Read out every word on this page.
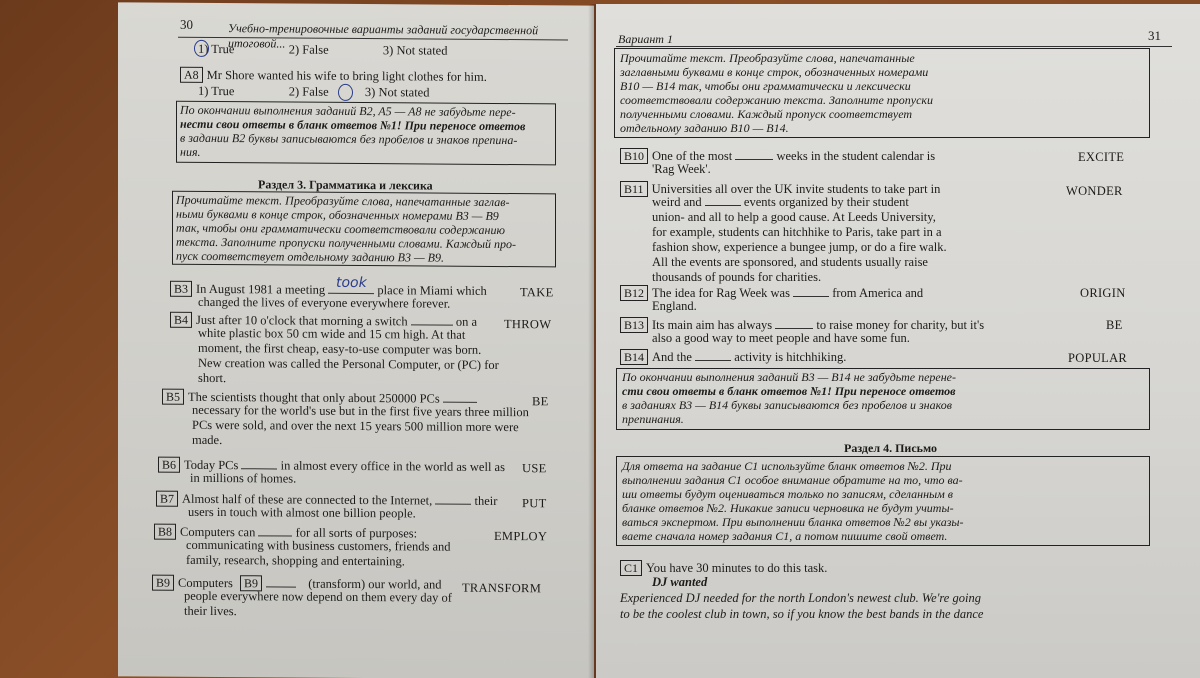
30	Учебно-тренировочные варианты заданий государственной итоговой...
1) True	2) False	3) Not stated
A8 Mr Shore wanted his wife to bring light clothes for him.
1) True	2) False	3) Not stated
По окончании выполнения заданий B2, A5 — A8 не забудьте пере-
нести свои ответы в бланк ответов №1! При переносе ответов
в задании B2 буквы записываются без пробелов и знаков препина-
ния.
Раздел 3. Грамматика и лексика
Прочитайте текст. Преобразуйте слова, напечатанные заглав-
ными буквами в конце строк, обозначенных номерами B3 — B9
так, чтобы они грамматически соответствовали содержанию
текста. Заполните пропуски полученными словами. Каждый про-
пуск соответствует отдельному заданию B3 — B9.
B3 In August 1981 a meeting	place in Miami which
took
changed the lives of everyone everywhere forever.
TAKE
B4 Just after 10 o'clock that morning a switch	on a
white plastic box 50 cm wide and 15 cm high. At that
moment, the first cheap, easy-to-use computer was born.
New creation was called the Personal Computer, or (PC) for
short.
THROW
B5 The scientists thought that only about 250000 PCs
necessary for the world's use but in the first five years three million
PCs were sold, and over the next 15 years 500 million more were
made.
BE
B6 Today PCs	in almost every office in the world as well as
in millions of homes.
USE
B7 Almost half of these are connected to the Internet,	their
users in touch with almost one billion people.
PUT
B8 Computers can	for all sorts of purposes:
communicating with business customers, friends and
family, research, shopping and entertaining.
EMPLOY
B9 Computers B9	(transform) our world, and
people everywhere now depend on them every day of
their lives.
TRANSFORM
Вариант 1	31
Прочитайте текст. Преобразуйте слова, напечатанные
заглавными буквами в конце строк, обозначенных номерами
B10 — B14 так, чтобы они грамматически и лексически
соответствовали содержанию текста. Заполните пропуски
полученными словами. Каждый пропуск соответствует
отдельному заданию B10 — B14.
B10 One of the most	weeks in the student calendar is
'Rag Week'.
EXCITE
B11 Universities all over the UK invite students to take part in
weird and	events organized by their student
union- and all to help a good cause. At Leeds University,
for example, students can hitchhike to Paris, take part in a
fashion show, experience a bungee jump, or do a fire walk.
All the events are sponsored, and students usually raise
thousands of pounds for charities.
WONDER
B12 The idea for Rag Week was	from America and
England.
ORIGIN
B13 Its main aim has always	to raise money for charity, but it's
also a good way to meet people and have some fun.
BE
B14 And the	activity is hitchhiking.	POPULAR
По окончании выполнения заданий B3 — B14 не забудьте перене-
сти свои ответы в бланк ответов №1! При переносе ответов
в заданиях B3 — B14 буквы записываются без пробелов и знаков
препинания.
Раздел 4. Письмо
Для ответа на задание C1 используйте бланк ответов №2. При
выполнении задания C1 особое внимание обратите на то, что ва-
ши ответы будут оцениваться только по записям, сделанным в
бланке ответов №2. Никакие записи черновика не будут учиты-
ваться экспертом. При выполнении бланка ответов №2 вы указы-
ваете сначала номер задания C1, а потом пишите свой ответ.
C1 You have 30 minutes to do this task.
DJ wanted
Experienced DJ needed for the north London's newest club. We're going
to be the coolest club in town, so if you know the best bands in the dance
